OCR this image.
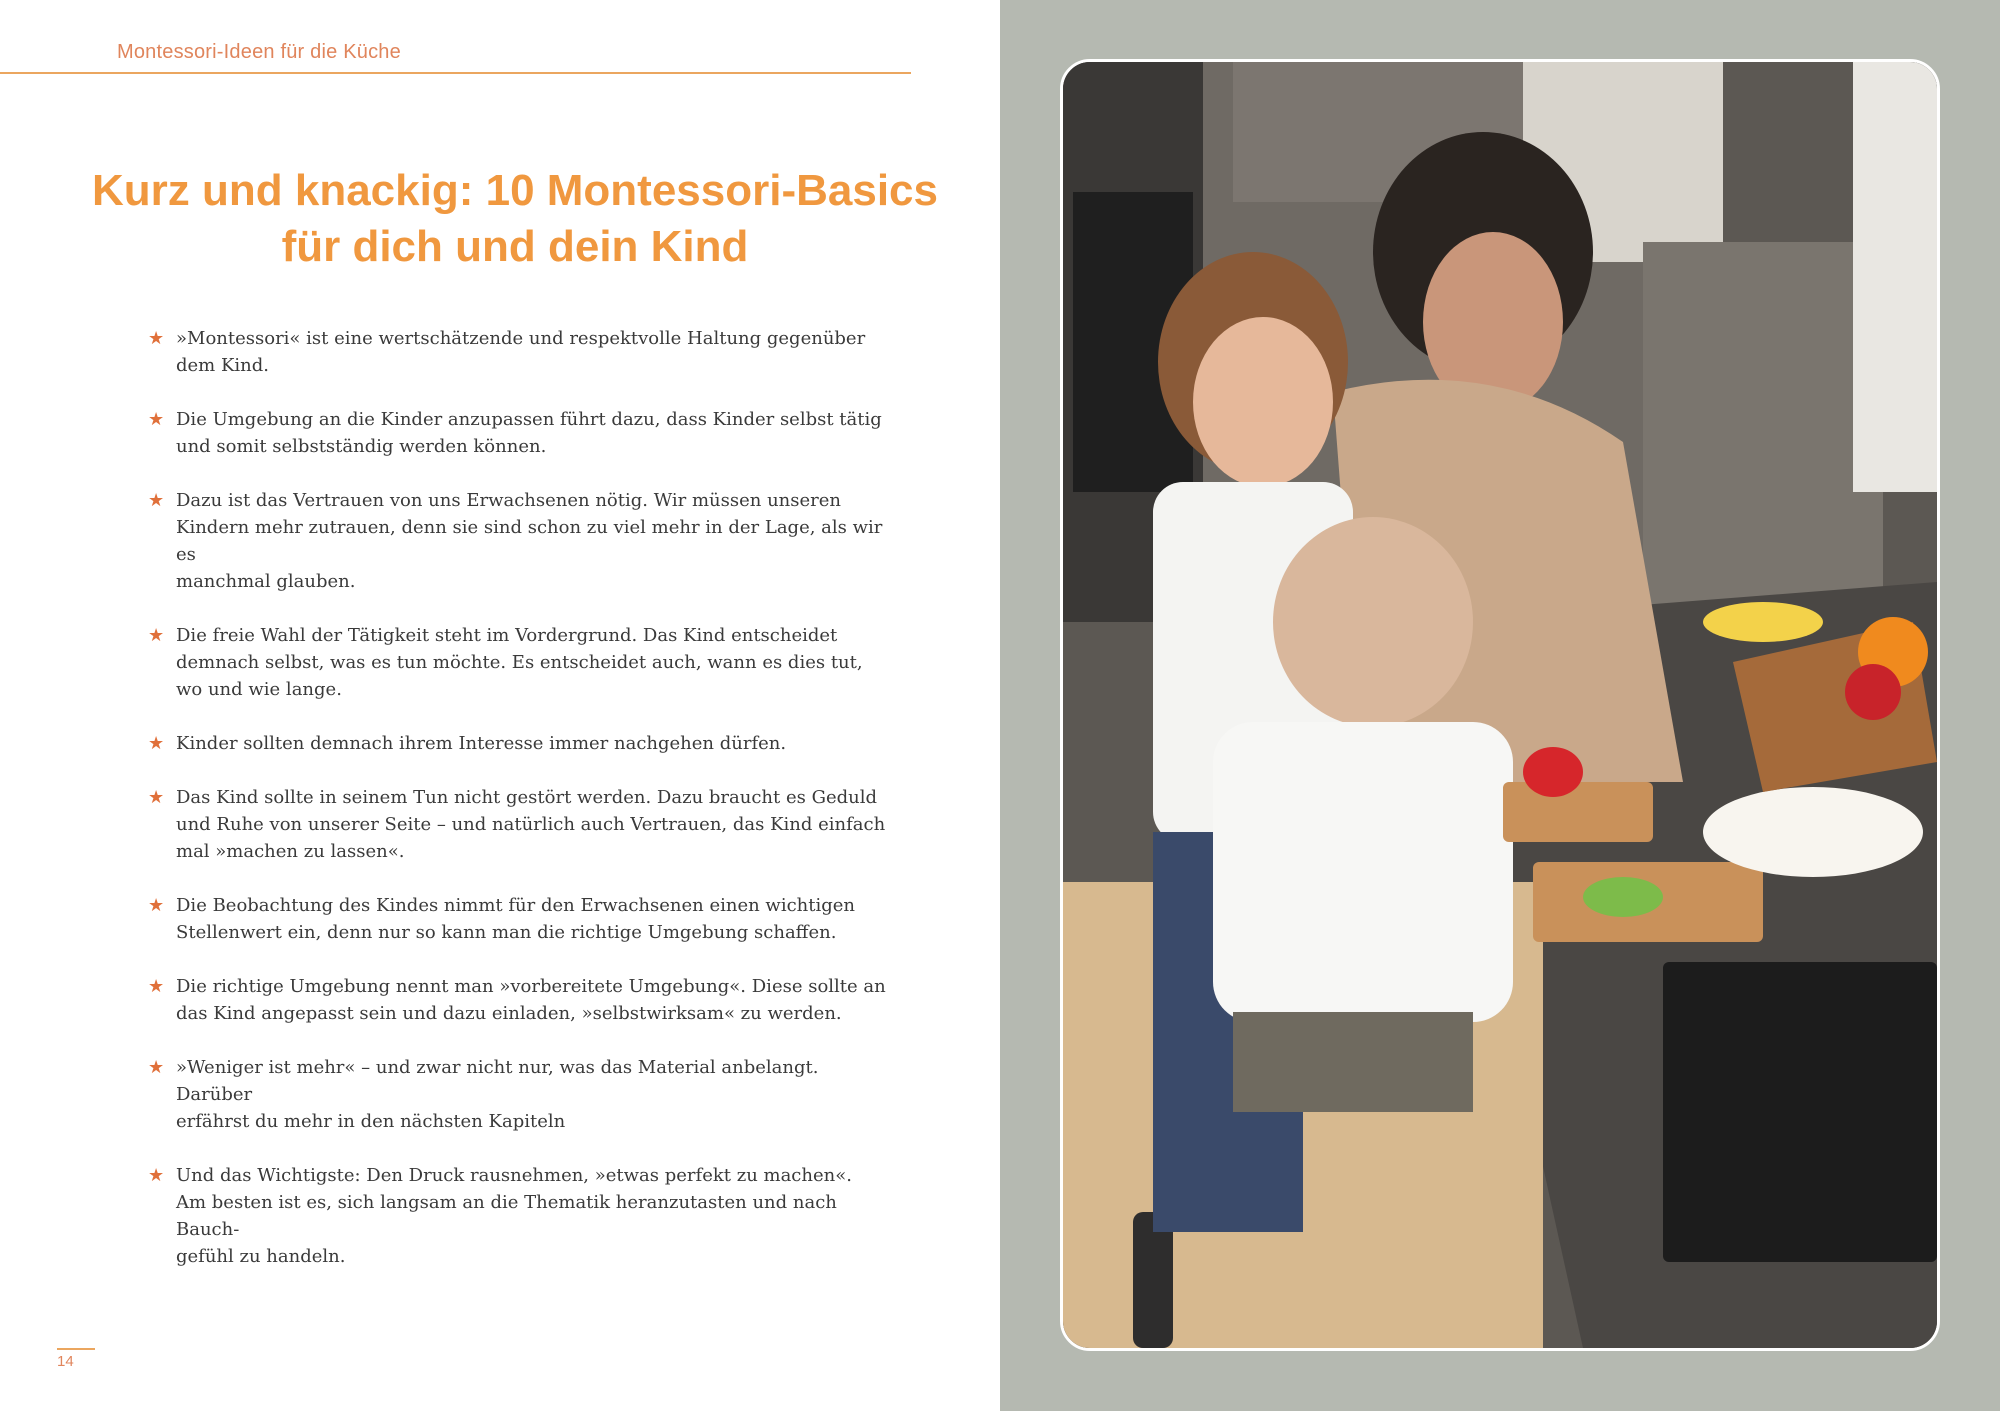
Montessori-Ideen für die Küche
Kurz und knackig: 10 Montessori-Basics
für dich und dein Kind
★ »Montessori« ist eine wertschätzende und respektvolle Haltung gegenüber
dem Kind.
★ Die Umgebung an die Kinder anzupassen führt dazu, dass Kinder selbst tätig
und somit selbstständig werden können.
★ Dazu ist das Vertrauen von uns Erwachsenen nötig. Wir müssen unseren
Kindern mehr zutrauen, denn sie sind schon zu viel mehr in der Lage, als wir es
manchmal glauben.
★ Die freie Wahl der Tätigkeit steht im Vordergrund. Das Kind entscheidet
demnach selbst, was es tun möchte. Es entscheidet auch, wann es dies tut,
wo und wie lange.
★ Kinder sollten demnach ihrem Interesse immer nachgehen dürfen.
★ Das Kind sollte in seinem Tun nicht gestört werden. Dazu braucht es Geduld
und Ruhe von unserer Seite – und natürlich auch Vertrauen, das Kind einfach
mal »machen zu lassen«.
★ Die Beobachtung des Kindes nimmt für den Erwachsenen einen wichtigen
Stellenwert ein, denn nur so kann man die richtige Umgebung schaffen.
★ Die richtige Umgebung nennt man »vorbereitete Umgebung«. Diese sollte an
das Kind angepasst sein und dazu einladen, »selbstwirksam« zu werden.
★ »Weniger ist mehr« – und zwar nicht nur, was das Material anbelangt. Darüber
erfährst du mehr in den nächsten Kapiteln
★ Und das Wichtigste: Den Druck rausnehmen, »etwas perfekt zu machen«.
Am besten ist es, sich langsam an die Thematik heranzutasten und nach Bauch-
gefühl zu handeln.
14
